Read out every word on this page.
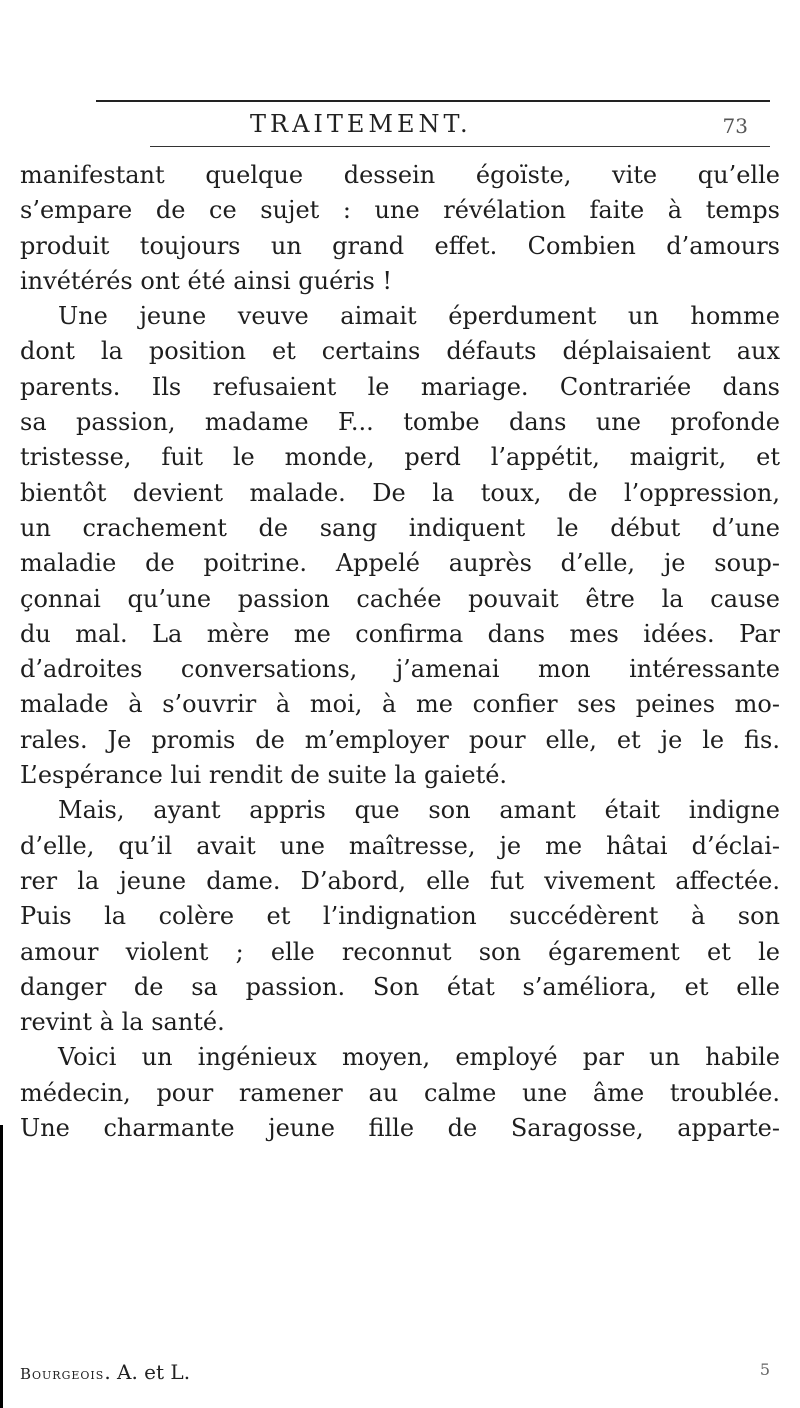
TRAITEMENT.	73

manifestant quelque dessein égoïste, vite qu’elle

s’empare de ce sujet : une révélation faite à temps

produit toujours un grand effet. Combien d’amours

invétérés ont été ainsi guéris !

Une jeune veuve aimait éperdument un homme

dont la position et certains défauts déplaisaient aux

parents. Ils refusaient le mariage. Contrariée dans

sa passion, madame F... tombe dans une profonde

tristesse, fuit le monde, perd l’appétit, maigrit, et

bientôt devient malade. De la toux, de l’oppression,

un crachement de sang indiquent le début d’une

maladie de poitrine. Appelé auprès d’elle, je soup-

çonnai qu’une passion cachée pouvait être la cause

du mal. La mère me confirma dans mes idées. Par

d’adroites conversations, j’amenai mon intéressante

malade à s’ouvrir à moi, à me confier ses peines mo-

rales. Je promis de m’employer pour elle, et je le fis.

L’espérance lui rendit de suite la gaieté.

Mais, ayant appris que son amant était indigne

d’elle, qu’il avait une maîtresse, je me hâtai d’éclai-

rer la jeune dame. D’abord, elle fut vivement affectée.

Puis la colère et l’indignation succédèrent à son

amour violent ; elle reconnut son égarement et le

danger de sa passion. Son état s’améliora, et elle

revint à la santé.

Voici un ingénieux moyen, employé par un habile

médecin, pour ramener au calme une âme troublée.

Une charmante jeune fille de Saragosse, apparte-

Bourgeois. A. et L.	5
